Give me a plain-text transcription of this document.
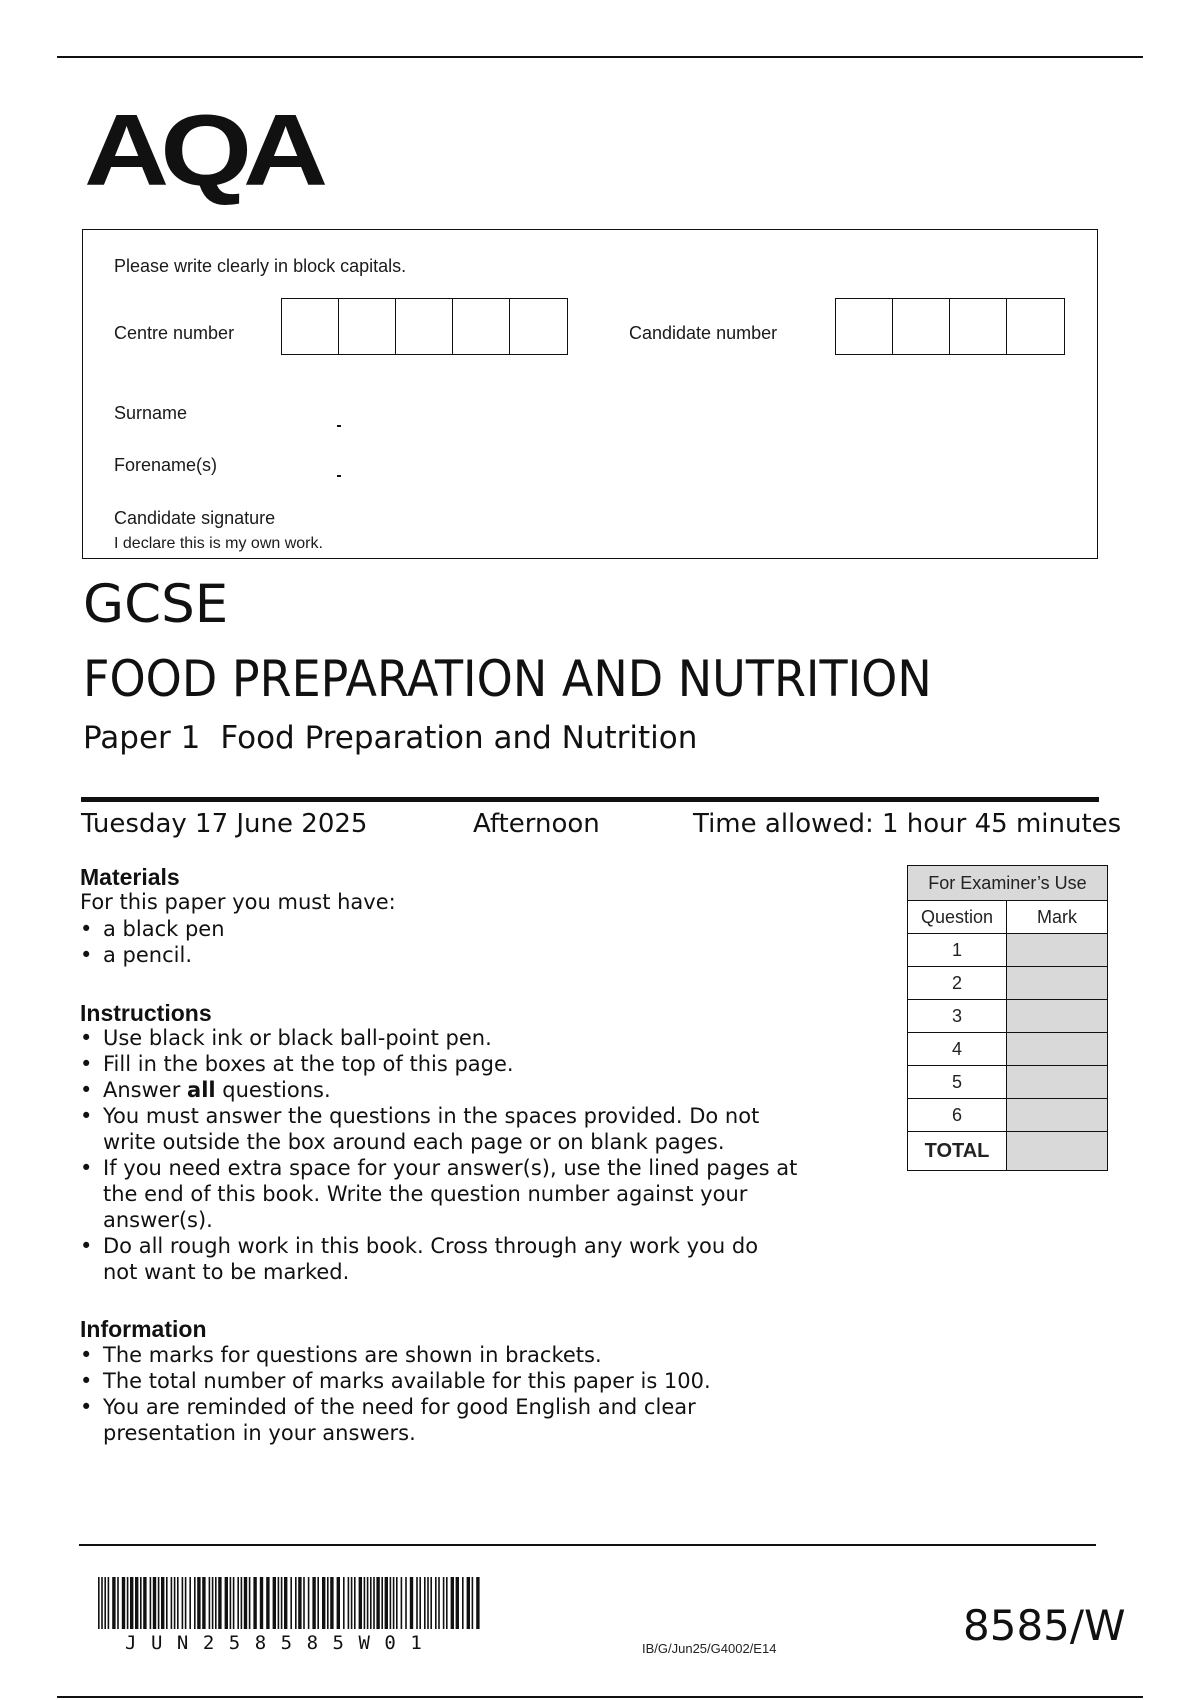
AQA
Please write clearly in block capitals.
Centre number	Candidate number
Surname
Forename(s)
Candidate signature
I declare this is my own work.
GCSE
FOOD PREPARATION AND NUTRITION
Paper 1 Food Preparation and Nutrition
Tuesday 17 June 2025	Afternoon	Time allowed: 1 hour 45 minutes
Materials
For this paper you must have:
• a black pen
• a pencil.
Instructions
• Use black ink or black ball-point pen.
• Fill in the boxes at the top of this page.
• Answer all questions.
• You must answer the questions in the spaces provided. Do not
write outside the box around each page or on blank pages.
• If you need extra space for your answer(s), use the lined pages at
the end of this book. Write the question number against your
answer(s).
• Do all rough work in this book. Cross through any work you do
not want to be marked.
Information
• The marks for questions are shown in brackets.
• The total number of marks available for this paper is 100.
• You are reminded of the need for good English and clear
presentation in your answers.
For Examiner’s Use	
Question	Mark
1	
2	
3	
4	
5	
6	
TOTAL	
JUN258585W01	IB/G/Jun25/G4002/E14	8585/W
